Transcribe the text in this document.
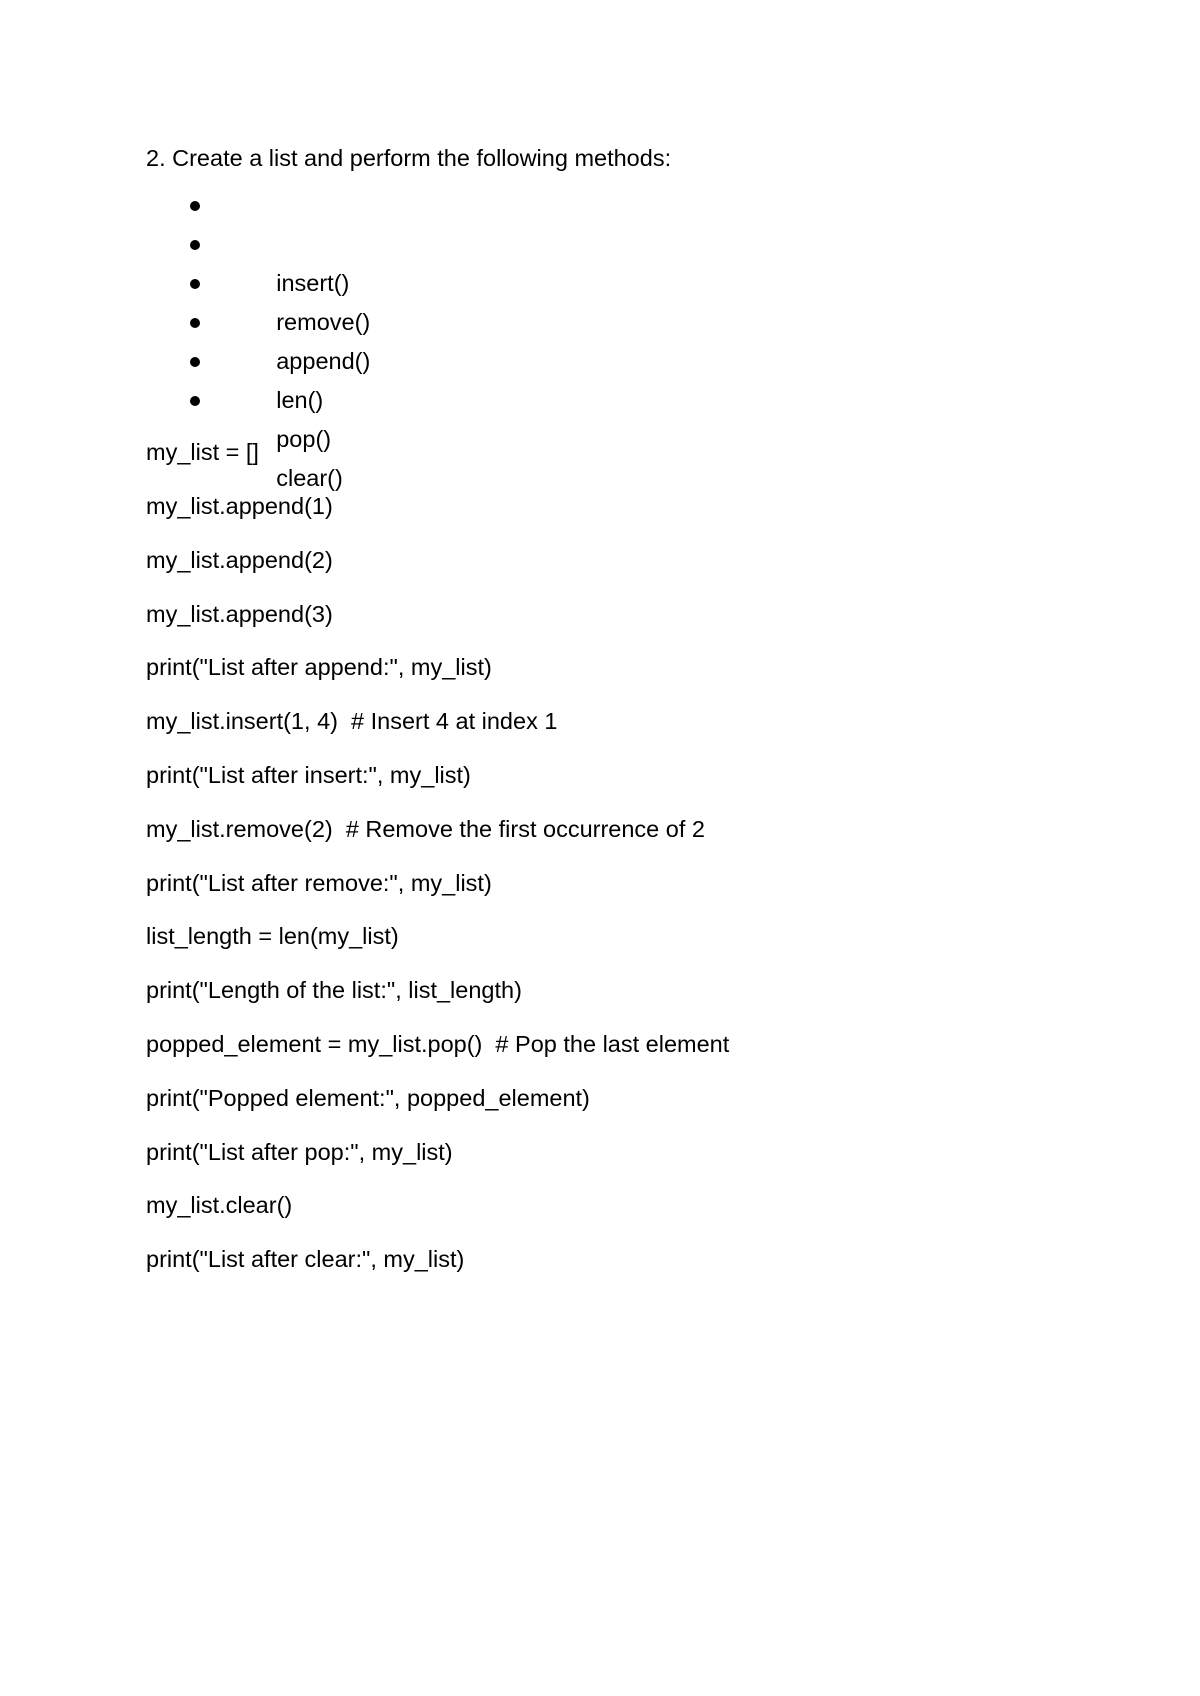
2. Create a list and perform the following methods:

insert()

remove()

append()

len()

pop()

clear()

my_list = []
my_list.append(1)
my_list.append(2)
my_list.append(3)
print("List after append:", my_list)
my_list.insert(1, 4)  # Insert 4 at index 1
print("List after insert:", my_list)
my_list.remove(2)  # Remove the first occurrence of 2
print("List after remove:", my_list)
list_length = len(my_list)
print("Length of the list:", list_length)
popped_element = my_list.pop()  # Pop the last element
print("Popped element:", popped_element)
print("List after pop:", my_list)
my_list.clear()
print("List after clear:", my_list)
